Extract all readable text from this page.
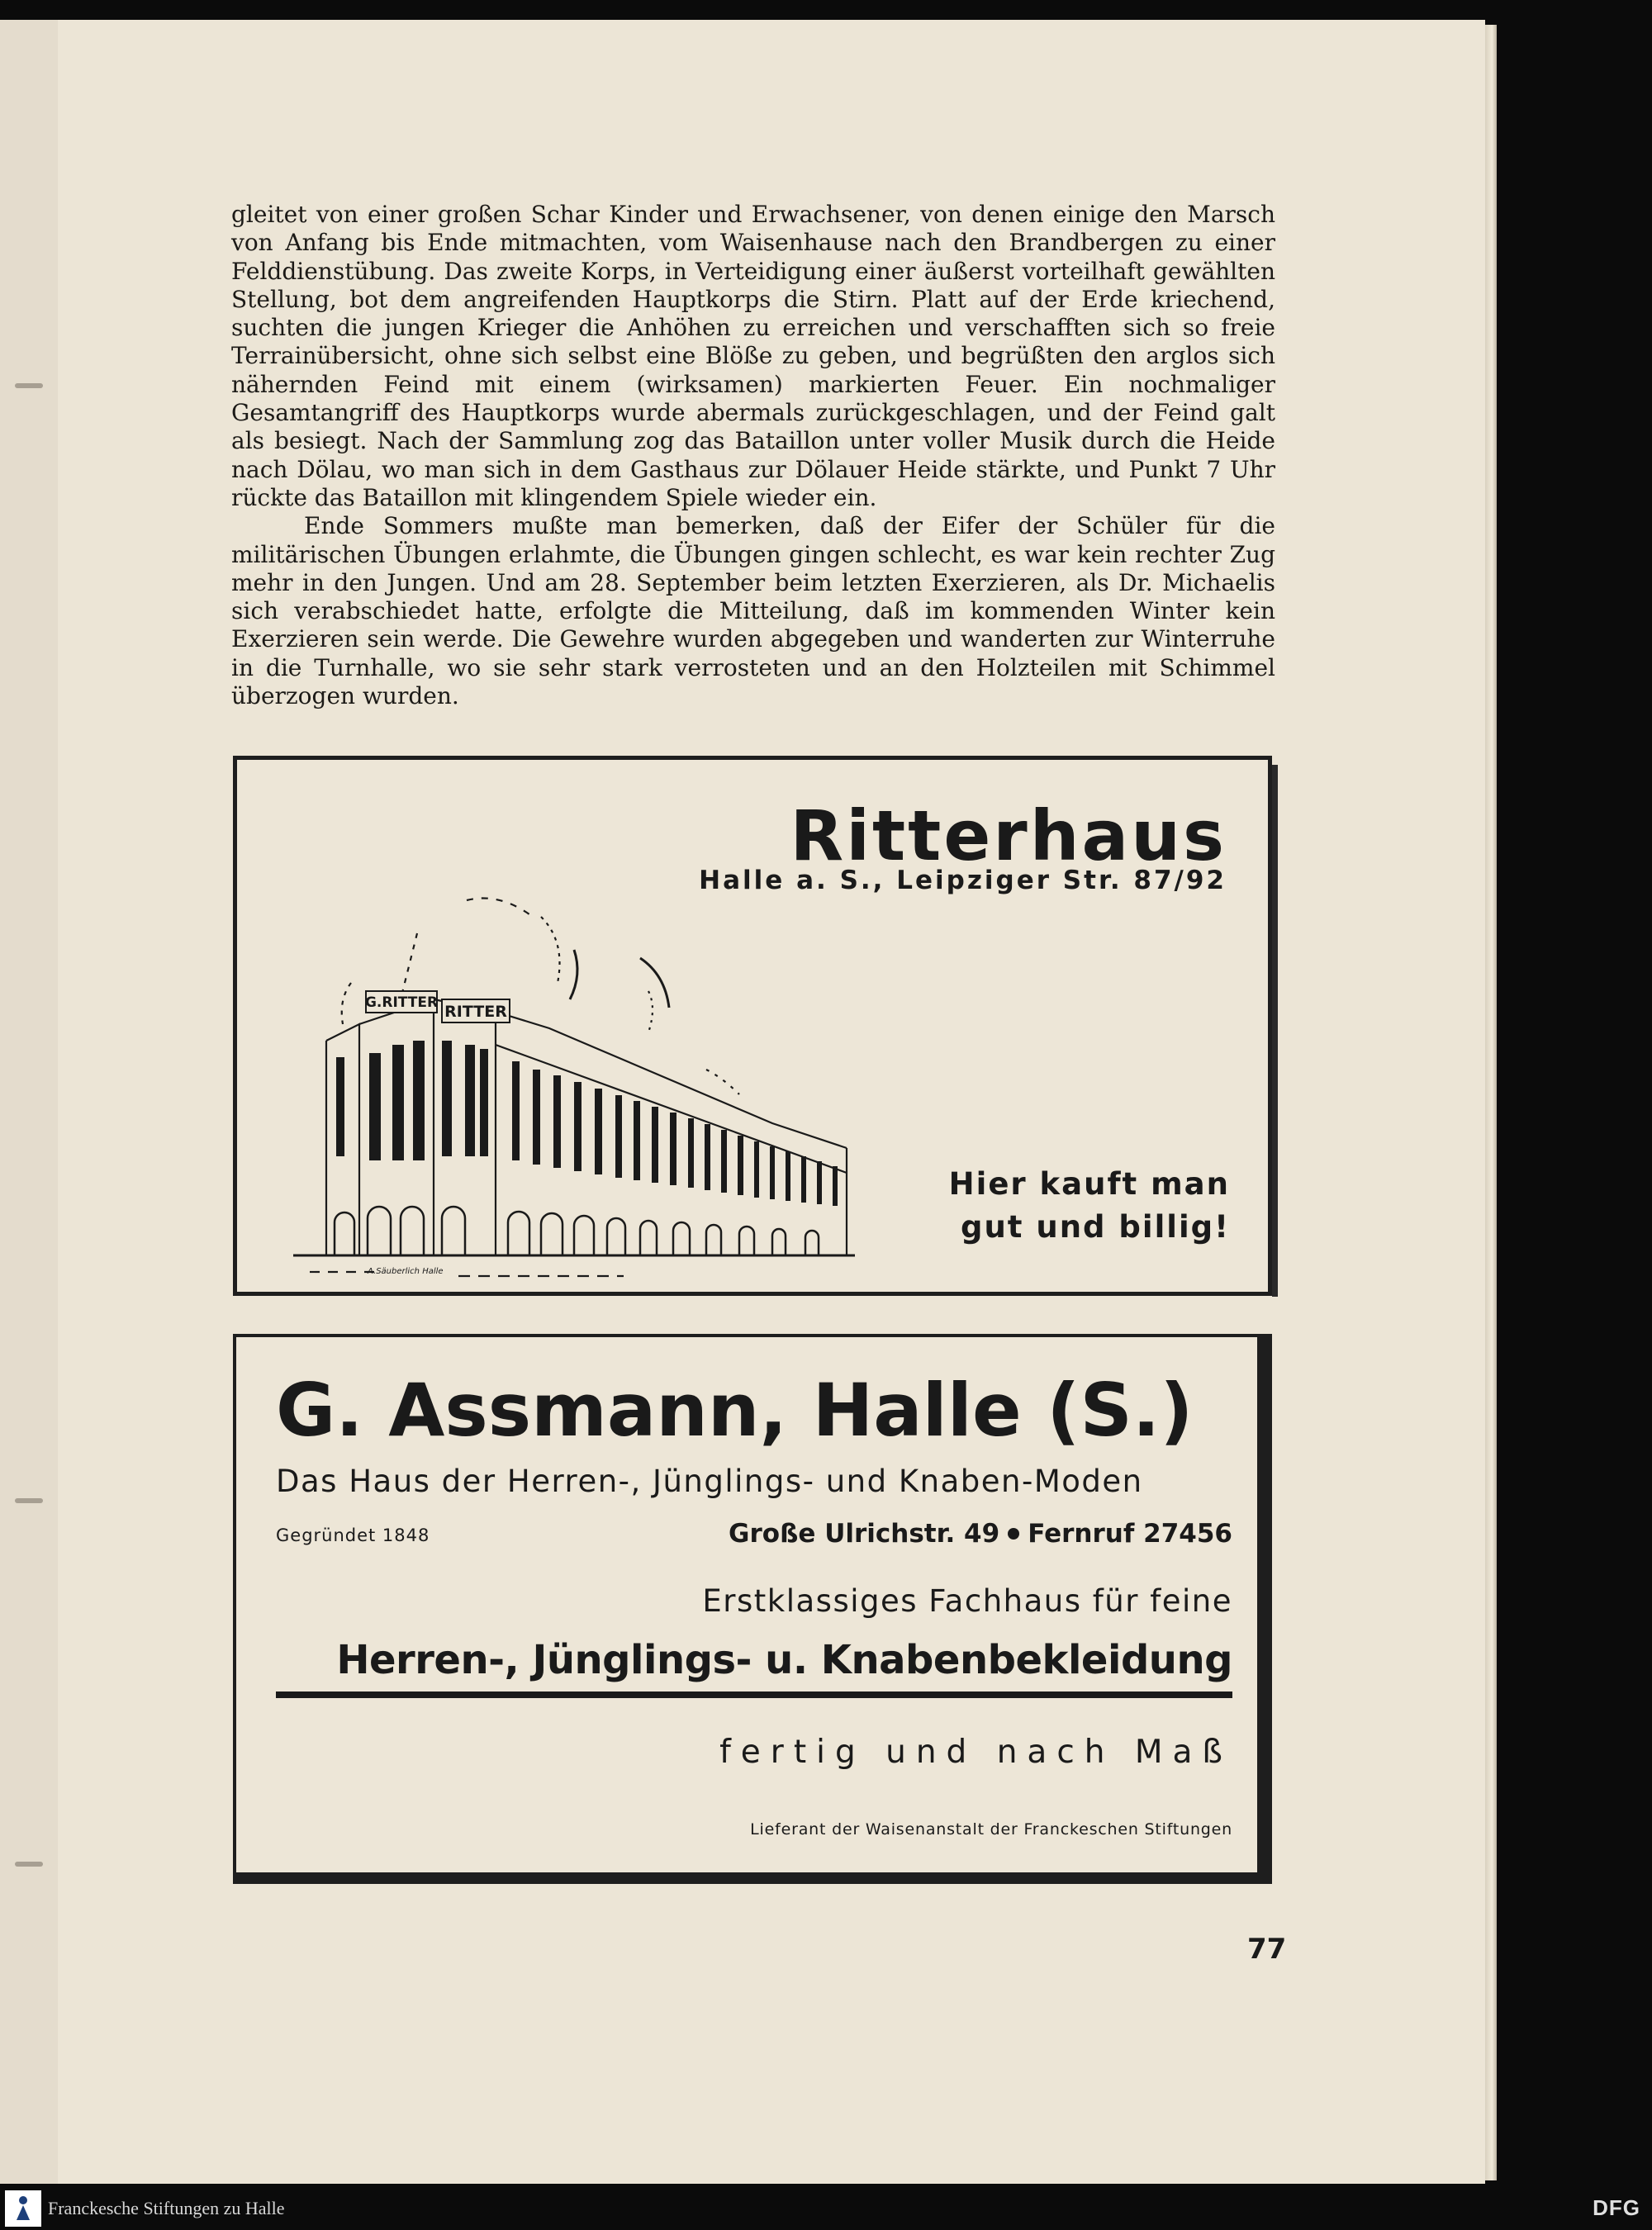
gleitet von einer großen Schar Kinder und Erwachsener, von denen einige den Marsch von Anfang bis Ende mitmachten, vom Waisenhause nach den Brandbergen zu einer Felddienstübung. Das zweite Korps, in Verteidigung einer äußerst vorteilhaft gewählten Stellung, bot dem angreifenden Hauptkorps die Stirn. Platt auf der Erde kriechend, suchten die jungen Krieger die Anhöhen zu erreichen und verschafften sich so freie Terrainübersicht, ohne sich selbst eine Blöße zu geben, und begrüßten den arglos sich nähernden Feind mit einem (wirksamen) markierten Feuer. Ein nochmaliger Gesamtangriff des Hauptkorps wurde abermals zurückgeschlagen, und der Feind galt als besiegt. Nach der Sammlung zog das Bataillon unter voller Musik durch die Heide nach Dölau, wo man sich in dem Gasthaus zur Dölauer Heide stärkte, und Punkt 7 Uhr rückte das Bataillon mit klingendem Spiele wieder ein.

Ende Sommers mußte man bemerken, daß der Eifer der Schüler für die militärischen Übungen erlahmte, die Übungen gingen schlecht, es war kein rechter Zug mehr in den Jungen. Und am 28. September beim letzten Exerzieren, als Dr. Michaelis sich verabschiedet hatte, erfolgte die Mitteilung, daß im kommenden Winter kein Exerzieren sein werde. Die Gewehre wurden abgegeben und wanderten zur Winterruhe in die Turnhalle, wo sie sehr stark verrosteten und an den Holzteilen mit Schimmel überzogen wurden.

Ritterhaus
Halle a. S., Leipziger Str. 87/92
G.RITTER RITTER
A.Säuberlich Halle
Hier kauft man
gut und billig!
G. Assmann, Halle (S.)
Das Haus der Herren-, Jünglings- und Knaben-Moden
Gegründet 1848	Große Ulrichstr. 49 Fernruf 27456
Erstklassiges Fachhaus für feine
Herren-, Jünglings- u. Knabenbekleidung
fertig und nach Maß
Lieferant der Waisenanstalt der Franckeschen Stiftungen
77
Franckesche Stiftungen zu Halle	DFG
